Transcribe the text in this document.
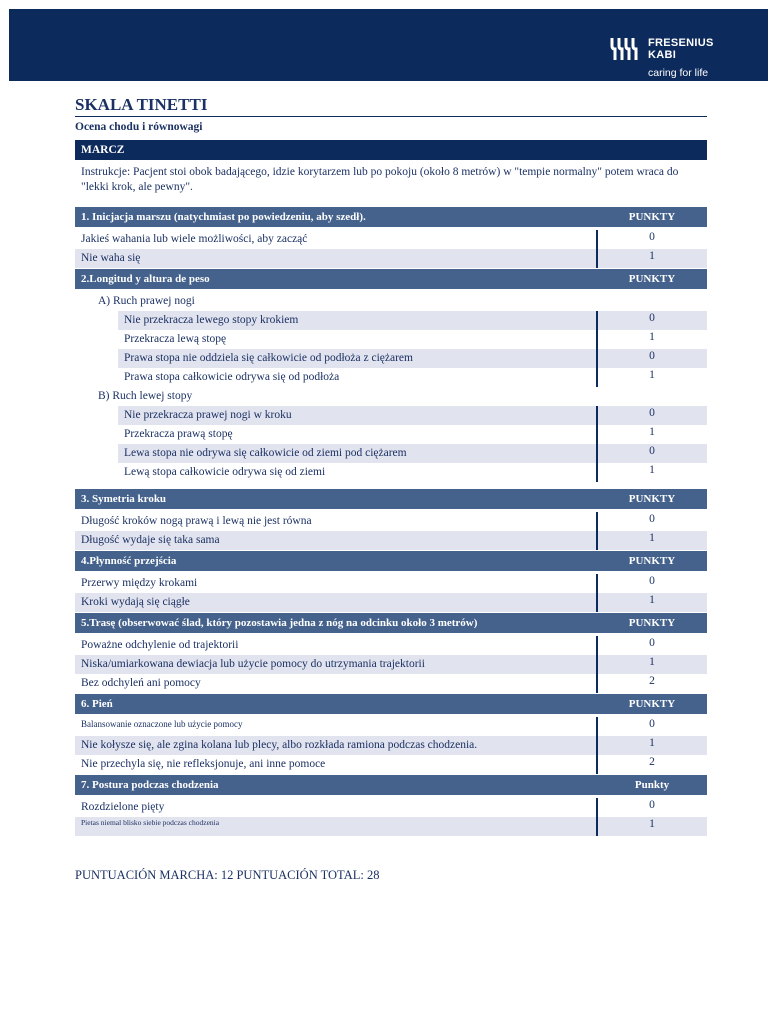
FRESENIUS
KABI
caring for life
SKALA TINETTI
Ocena chodu i równowagi
MARCZ
Instrukcje: Pacjent stoi obok badającego, idzie korytarzem lub po pokoju (około 8 metrów) w "tempie normalny" potem wraca do "lekki krok, ale pewny".
1. Inicjacja marszu (natychmiast po powiedzeniu, aby szedł).	PUNKTY
Jakieś wahania lub wiele możliwości, aby zacząć	0
Nie waha się	1
2.Longitud y altura de peso	PUNKTY
A) Ruch prawej nogi
Nie przekracza lewego stopy krokiem	0
Przekracza lewą stopę	1
Prawa stopa nie oddziela się całkowicie od podłoża z ciężarem	0
Prawa stopa całkowicie odrywa się od podłoża	1
B) Ruch lewej stopy
Nie przekracza prawej nogi w kroku	0
Przekracza prawą stopę	1
Lewa stopa nie odrywa się całkowicie od ziemi pod ciężarem	0
Lewą stopa całkowicie odrywa się od ziemi	1
3. Symetria kroku	PUNKTY
Długość kroków nogą prawą i lewą nie jest równa	0
Długość wydaje się taka sama	1
4.Płynność przejścia	PUNKTY
Przerwy między krokami	0
Kroki wydają się ciągłe	1
5.Trasę (obserwować ślad, który pozostawia jedna z nóg na odcinku około 3 metrów)	PUNKTY
Poważne odchylenie od trajektorii	0
Niska/umiarkowana dewiacja lub użycie pomocy do utrzymania trajektorii	1
Bez odchyleń ani pomocy	2
6. Pień	PUNKTY
Balansowanie oznaczone lub użycie pomocy	0
Nie kołysze się, ale zgina kolana lub plecy, albo rozkłada ramiona podczas chodzenia.	1
Nie przechyla się, nie refleksjonuje, ani inne pomoce	2
7. Postura podczas chodzenia	Punkty
Rozdzielone pięty	0
Pietas niemal blisko siebie podczas chodzenia	1
PUNTUACIÓN MARCHA: 12 PUNTUACIÓN TOTAL: 28
